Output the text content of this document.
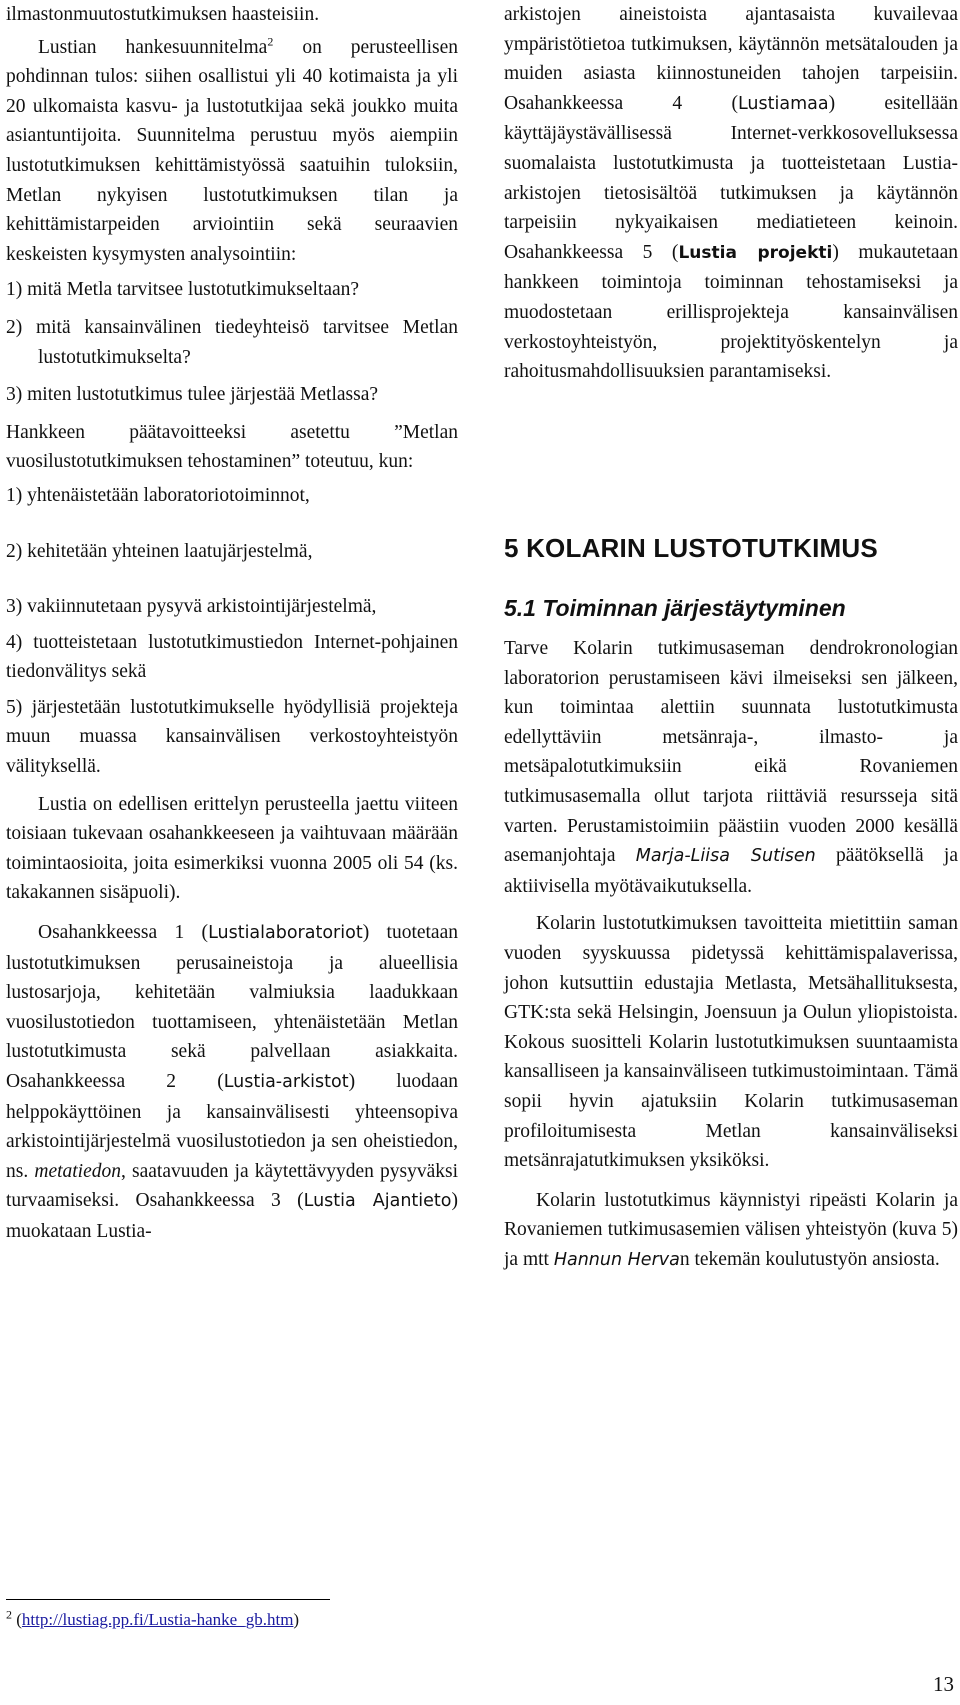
ilmastonmuutostutkimuksen haasteisiin.

Lustian hankesuunnitelma$^2$ on perusteellisen pohdinnan tulos: siihen osallistui yli 40 kotimaista ja yli 20 ulkomaista kasvu- ja lustotutkijaa sekä joukko muita asiantuntijoita. Suunnitelma perustuu myös aiempiin lustotutkimuksen kehittämistyössä saatuihin tuloksiin, Metlan nykyisen lustotutkimuksen tilan ja kehittämistarpeiden arviointiin sekä seuraavien keskeisten kysymysten analysointiin:

1) mitä Metla tarvitsee lustotutkimukseltaan?

2) mitä kansainvälinen tiedeyhteisö tarvitsee Metlan lustotutkimukselta?

3) miten lustotutkimus tulee järjestää Metlassa?

Hankkeen päätavoitteeksi asetettu ”Metlan vuosilustotutkimuksen tehostaminen” toteutuu, kun:

1) yhtenäistetään laboratoriotoiminnot,

2) kehitetään yhteinen laatujärjestelmä,

3) vakiinnutetaan pysyvä arkistointijärjestelmä,

4) tuotteistetaan lustotutkimustiedon Internet-pohjainen tiedonvälitys sekä

5) järjestetään lustotutkimukselle hyödyllisiä projekteja muun muassa kansainvälisen verkostoyhteistyön välityksellä.

Lustia on edellisen erittelyn perusteella jaettu viiteen toisiaan tukevaan osahankkeeseen ja vaihtuvaan määrään toimintaosioita, joita esimerkiksi vuonna 2005 oli 54 (ks. takakannen sisäpuoli).

Osahankkeessa 1 (Lustialaboratoriot) tuotetaan lustotutkimuksen perusaineistoja ja alueellisia lustosarjoja, kehitetään valmiuksia laadukkaan vuosilustotiedon tuottamiseen, yhtenäistetään Metlan lustotutkimusta sekä palvellaan asiakkaita. Osahankkeessa 2 (Lustia-arkistot) luodaan helppokäyttöinen ja kansainvälisesti yhteensopiva arkistointijärjestelmä vuosilustotiedon ja sen oheistiedon, ns. metatiedon, saatavuuden ja käytettävyyden pysyväksi turvaamiseksi. Osahankkeessa 3 (Lustia Ajantieto) muokataan Lustia-

arkistojen aineistoista ajantasaista kuvailevaa ympäristötietoa tutkimuksen, käytännön metsätalouden ja muiden asiasta kiinnostuneiden tahojen tarpeisiin. Osahankkeessa 4 (Lustiamaa) esitellään käyttäjäystävällisessä Internet-verkkosovelluksessa suomalaista lustotutkimusta ja tuotteistetaan Lustia-arkistojen tietosisältöä tutkimuksen ja käytännön tarpeisiin nykyaikaisen mediatieteen keinoin. Osahankkeessa 5 (Lustia projekti) mukautetaan hankkeen toimintoja toiminnan tehostamiseksi ja muodostetaan erillisprojekteja kansainvälisen verkostoyhteistyön, projektityöskentelyn ja rahoitusmahdollisuuksien parantamiseksi.

5 KOLARIN LUSTOTUTKIMUS
5.1 Toiminnan järjestäytyminen

Tarve Kolarin tutkimusaseman dendrokronologian laboratorion perustamiseen kävi ilmeiseksi sen jälkeen, kun toimintaa alettiin suunnata lustotutkimusta edellyttäviin metsänraja-, ilmasto- ja metsäpalotutkimuksiin eikä Rovaniemen tutkimusasemalla ollut tarjota riittäviä resursseja sitä varten. Perustamistoimiin päästiin vuoden 2000 kesällä asemanjohtaja Marja-Liisa Sutisen päätöksellä ja aktiivisella myötävaikutuksella.

Kolarin lustotutkimuksen tavoitteita mietittiin saman vuoden syyskuussa pidetyssä kehittämispalaverissa, johon kutsuttiin edustajia Metlasta, Metsähallituksesta, GTK:sta sekä Helsingin, Joensuun ja Oulun yliopistoista. Kokous suositteli Kolarin lustotutkimuksen suuntaamista kansalliseen ja kansainväliseen tutkimustoimintaan. Tämä sopii hyvin ajatuksiin Kolarin tutkimusaseman profiloitumisesta Metlan kansainväliseksi metsänrajatutkimuksen yksiköksi.

Kolarin lustotutkimus käynnistyi ripeästi Kolarin ja Rovaniemen tutkimusasemien välisen yhteistyön (kuva 5) ja mtt Hannun Hervan tekemän koulutustyön ansiosta.

$^2$ (http://lustiag.pp.fi/Lustia-hanke_gb.htm)
13
